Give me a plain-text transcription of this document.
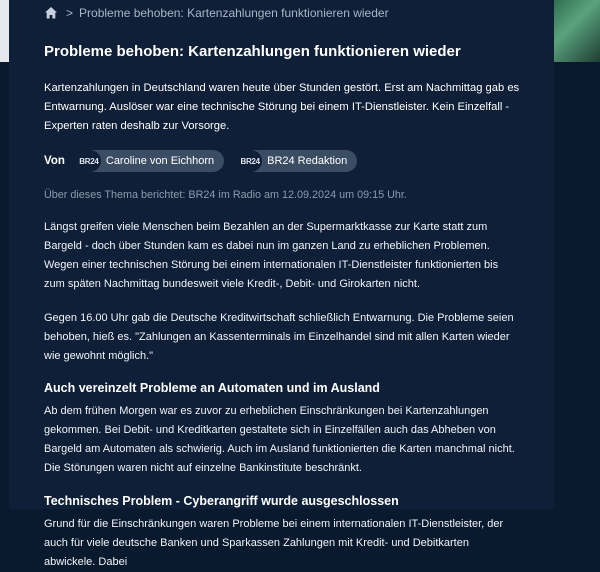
> Probleme behoben: Kartenzahlungen funktionieren wieder
Probleme behoben: Kartenzahlungen funktionieren wieder

Kartenzahlungen in Deutschland waren heute über Stunden gestört. Erst am Nachmittag gab es Entwarnung. Auslöser war eine technische Störung bei einem IT-Dienstleister. Kein Einzelfall - Experten raten deshalb zur Vorsorge.

Von BR24 Caroline von Eichhorn	BR24 BR24 Redaktion

Über dieses Thema berichtet: BR24 im Radio am 12.09.2024 um 09:15 Uhr.

Längst greifen viele Menschen beim Bezahlen an der Supermarktkasse zur Karte statt zum Bargeld - doch über Stunden kam es dabei nun im ganzen Land zu erheblichen Problemen. Wegen einer technischen Störung bei einem internationalen IT-Dienstleister funktionierten bis zum späten Nachmittag bundesweit viele Kredit-, Debit- und Girokarten nicht.

Gegen 16.00 Uhr gab die Deutsche Kreditwirtschaft schließlich Entwarnung. Die Probleme seien behoben, hieß es. "Zahlungen an Kassenterminals im Einzelhandel sind mit allen Karten wieder wie gewohnt möglich."

Auch vereinzelt Probleme an Automaten und im Ausland

Ab dem frühen Morgen war es zuvor zu erheblichen Einschränkungen bei Kartenzahlungen gekommen. Bei Debit- und Kreditkarten gestaltete sich in Einzelfällen auch das Abheben von Bargeld am Automaten als schwierig. Auch im Ausland funktionierten die Karten manchmal nicht. Die Störungen waren nicht auf einzelne Bankinstitute beschränkt.

Technisches Problem - Cyberangriff wurde ausgeschlossen

Grund für die Einschränkungen waren Probleme bei einem internationalen IT-Dienstleister, der auch für viele deutsche Banken und Sparkassen Zahlungen mit Kredit- und Debitkarten abwickele. Dabei
